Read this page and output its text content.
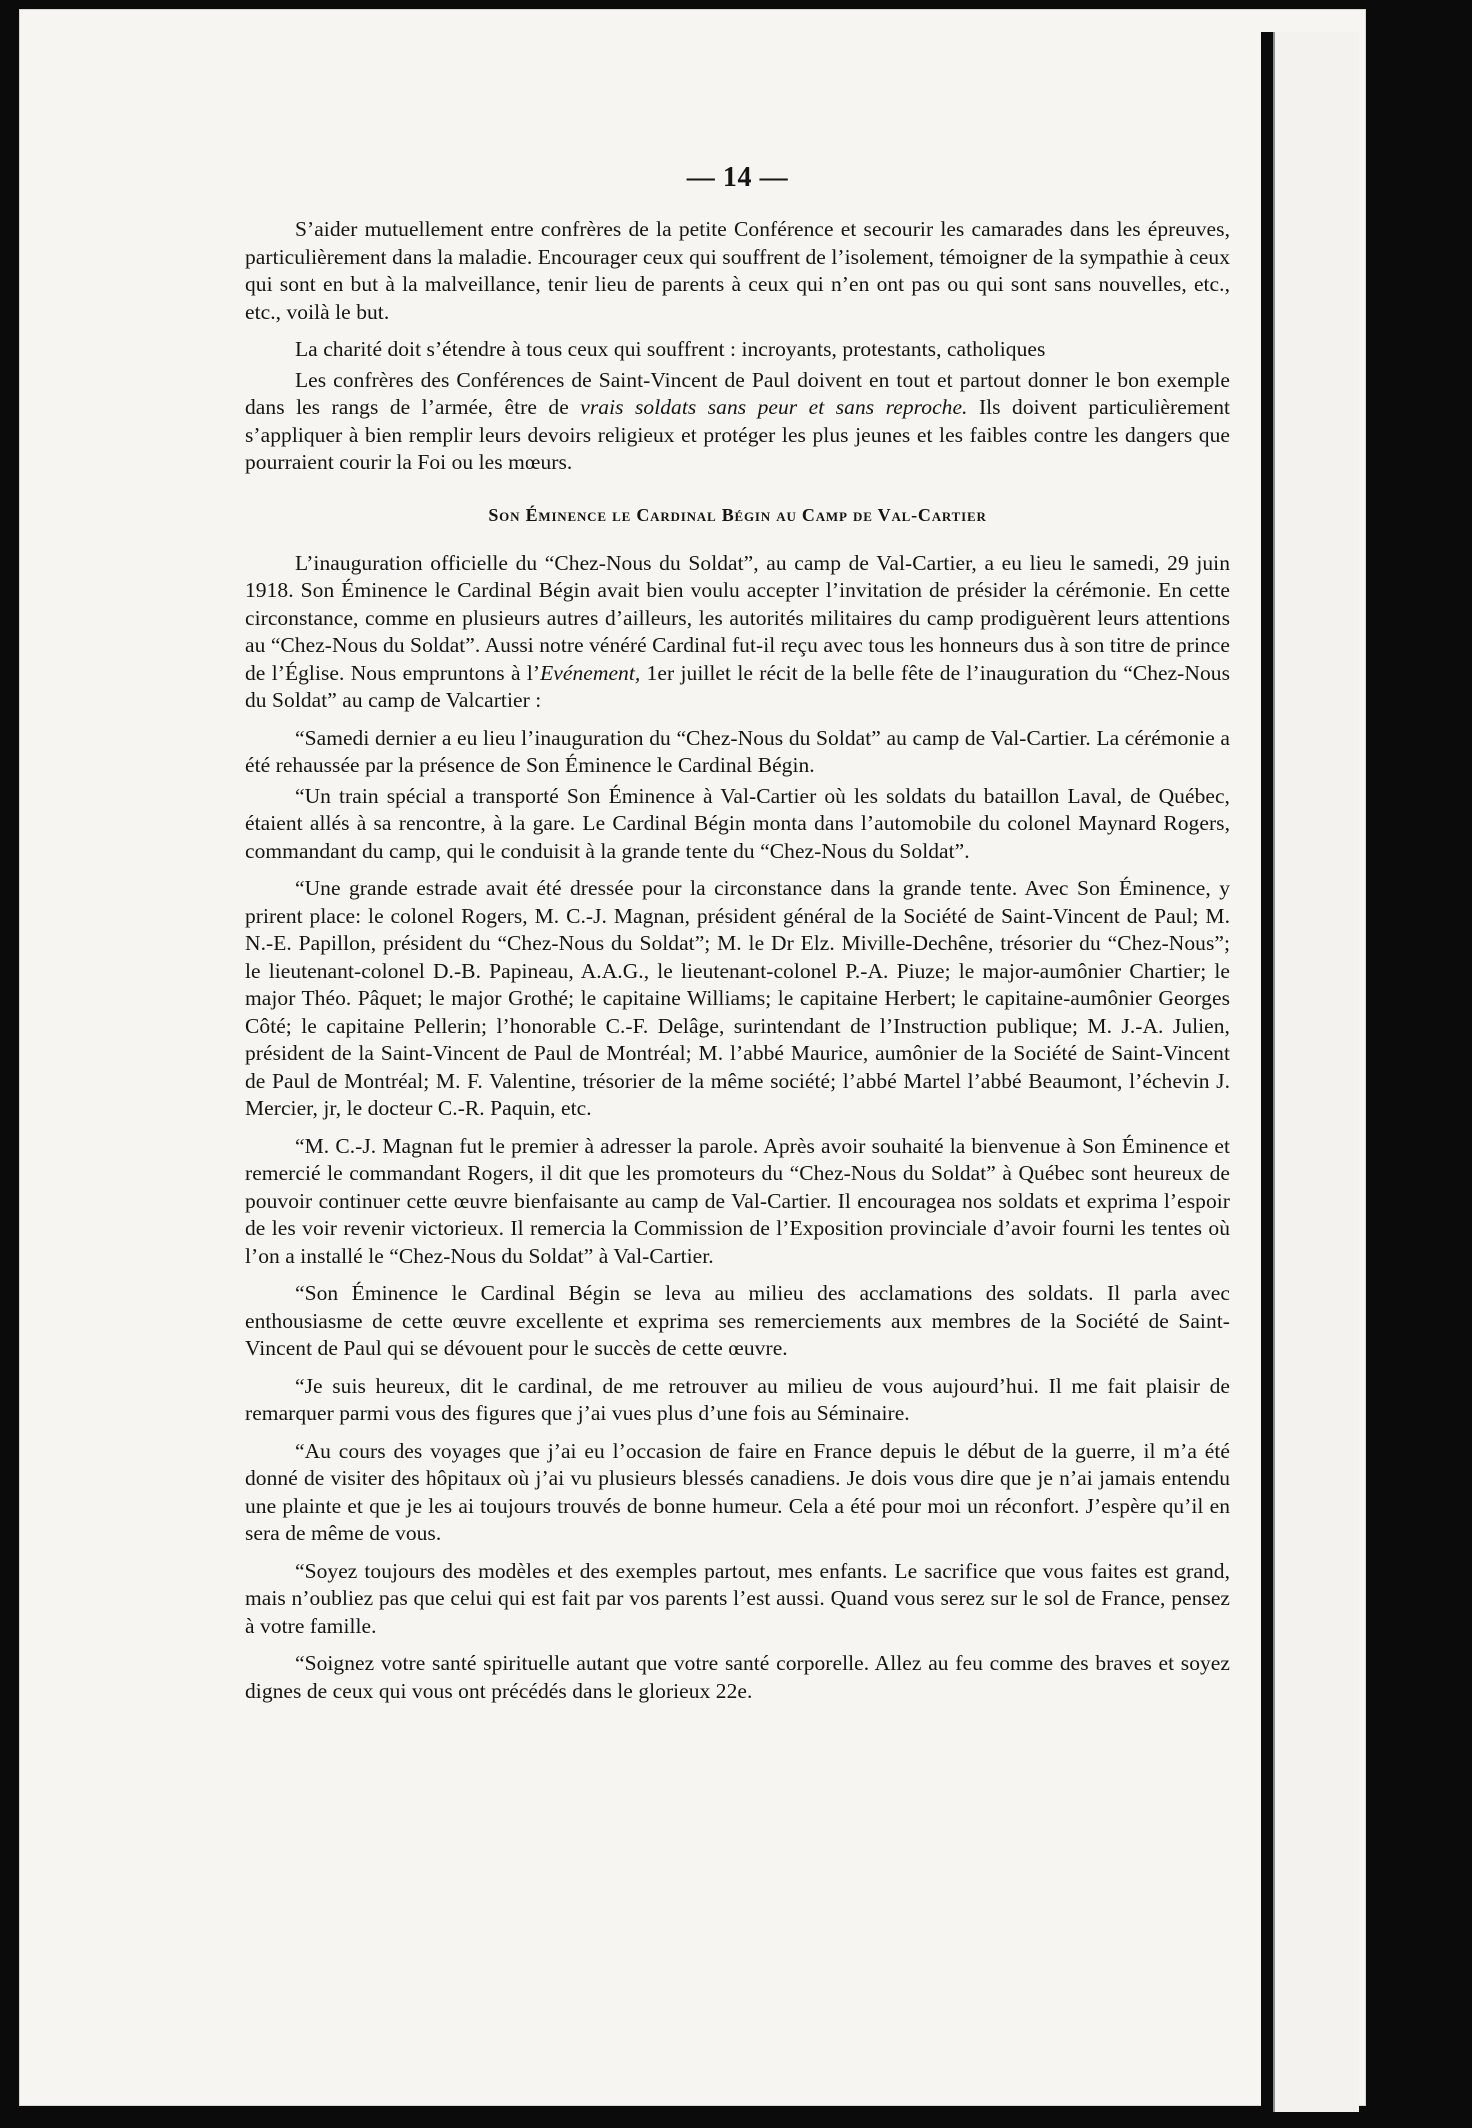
— 14 —

S’aider mutuellement entre confrères de la petite Conférence et secourir les camarades dans les épreuves, particulièrement dans la maladie. Encourager ceux qui souffrent de l’isolement, témoigner de la sympathie à ceux qui sont en but à la malveillance, tenir lieu de parents à ceux qui n’en ont pas ou qui sont sans nouvelles, etc., etc., voilà le but.

La charité doit s’étendre à tous ceux qui souffrent : incroyants, protestants, catholiques

Les confrères des Conférences de Saint-Vincent de Paul doivent en tout et partout donner le bon exemple dans les rangs de l’armée, être de vrais soldats sans peur et sans reproche. Ils doivent particulièrement s’appliquer à bien remplir leurs devoirs religieux et protéger les plus jeunes et les faibles contre les dangers que pourraient courir la Foi ou les mœurs.

Son Éminence le Cardinal Bégin au Camp de Val-Cartier

L’inauguration officielle du “Chez-Nous du Soldat”, au camp de Val-Cartier, a eu lieu le samedi, 29 juin 1918. Son Éminence le Cardinal Bégin avait bien voulu accepter l’invitation de présider la cérémonie. En cette circonstance, comme en plusieurs autres d’ailleurs, les autorités militaires du camp prodiguèrent leurs attentions au “Chez-Nous du Soldat”. Aussi notre vénéré Cardinal fut-il reçu avec tous les honneurs dus à son titre de prince de l’Église. Nous empruntons à l’Evénement, 1er juillet le récit de la belle fête de l’inauguration du “Chez-Nous du Soldat” au camp de Valcartier :

“Samedi dernier a eu lieu l’inauguration du “Chez-Nous du Soldat” au camp de Val-Cartier. La cérémonie a été rehaussée par la présence de Son Éminence le Cardinal Bégin.

“Un train spécial a transporté Son Éminence à Val-Cartier où les soldats du bataillon Laval, de Québec, étaient allés à sa rencontre, à la gare. Le Cardinal Bégin monta dans l’automobile du colonel Maynard Rogers, commandant du camp, qui le conduisit à la grande tente du “Chez-Nous du Soldat”.

“Une grande estrade avait été dressée pour la circonstance dans la grande tente. Avec Son Éminence, y prirent place: le colonel Rogers, M. C.-J. Magnan, président général de la Société de Saint-Vincent de Paul; M. N.-E. Papillon, président du “Chez-Nous du Soldat”; M. le Dr Elz. Miville-Dechêne, trésorier du “Chez-Nous”; le lieutenant-colonel D.-B. Papineau, A.A.G., le lieutenant-colonel P.-A. Piuze; le major-aumônier Chartier; le major Théo. Pâquet; le major Grothé; le capitaine Williams; le capitaine Herbert; le capitaine-aumônier Georges Côté; le capitaine Pellerin; l’honorable C.-F. Delâge, surintendant de l’Instruction publique; M. J.-A. Julien, président de la Saint-Vincent de Paul de Montréal; M. l’abbé Maurice, aumônier de la Société de Saint-Vincent de Paul de Montréal; M. F. Valentine, trésorier de la même société; l’abbé Martel l’abbé Beaumont, l’échevin J. Mercier, jr, le docteur C.-R. Paquin, etc.

“M. C.-J. Magnan fut le premier à adresser la parole. Après avoir souhaité la bienvenue à Son Éminence et remercié le commandant Rogers, il dit que les promoteurs du “Chez-Nous du Soldat” à Québec sont heureux de pouvoir continuer cette œuvre bienfaisante au camp de Val-Cartier. Il encouragea nos soldats et exprima l’espoir de les voir revenir victorieux. Il remercia la Commission de l’Exposition provinciale d’avoir fourni les tentes où l’on a installé le “Chez-Nous du Soldat” à Val-Cartier.

“Son Éminence le Cardinal Bégin se leva au milieu des acclamations des soldats. Il parla avec enthousiasme de cette œuvre excellente et exprima ses remerciements aux membres de la Société de Saint-Vincent de Paul qui se dévouent pour le succès de cette œuvre.

“Je suis heureux, dit le cardinal, de me retrouver au milieu de vous aujourd’hui. Il me fait plaisir de remarquer parmi vous des figures que j’ai vues plus d’une fois au Séminaire.

“Au cours des voyages que j’ai eu l’occasion de faire en France depuis le début de la guerre, il m’a été donné de visiter des hôpitaux où j’ai vu plusieurs blessés canadiens. Je dois vous dire que je n’ai jamais entendu une plainte et que je les ai toujours trouvés de bonne humeur. Cela a été pour moi un réconfort. J’espère qu’il en sera de même de vous.

“Soyez toujours des modèles et des exemples partout, mes enfants. Le sacrifice que vous faites est grand, mais n’oubliez pas que celui qui est fait par vos parents l’est aussi. Quand vous serez sur le sol de France, pensez à votre famille.

“Soignez votre santé spirituelle autant que votre santé corporelle. Allez au feu comme des braves et soyez dignes de ceux qui vous ont précédés dans le glorieux 22e.
